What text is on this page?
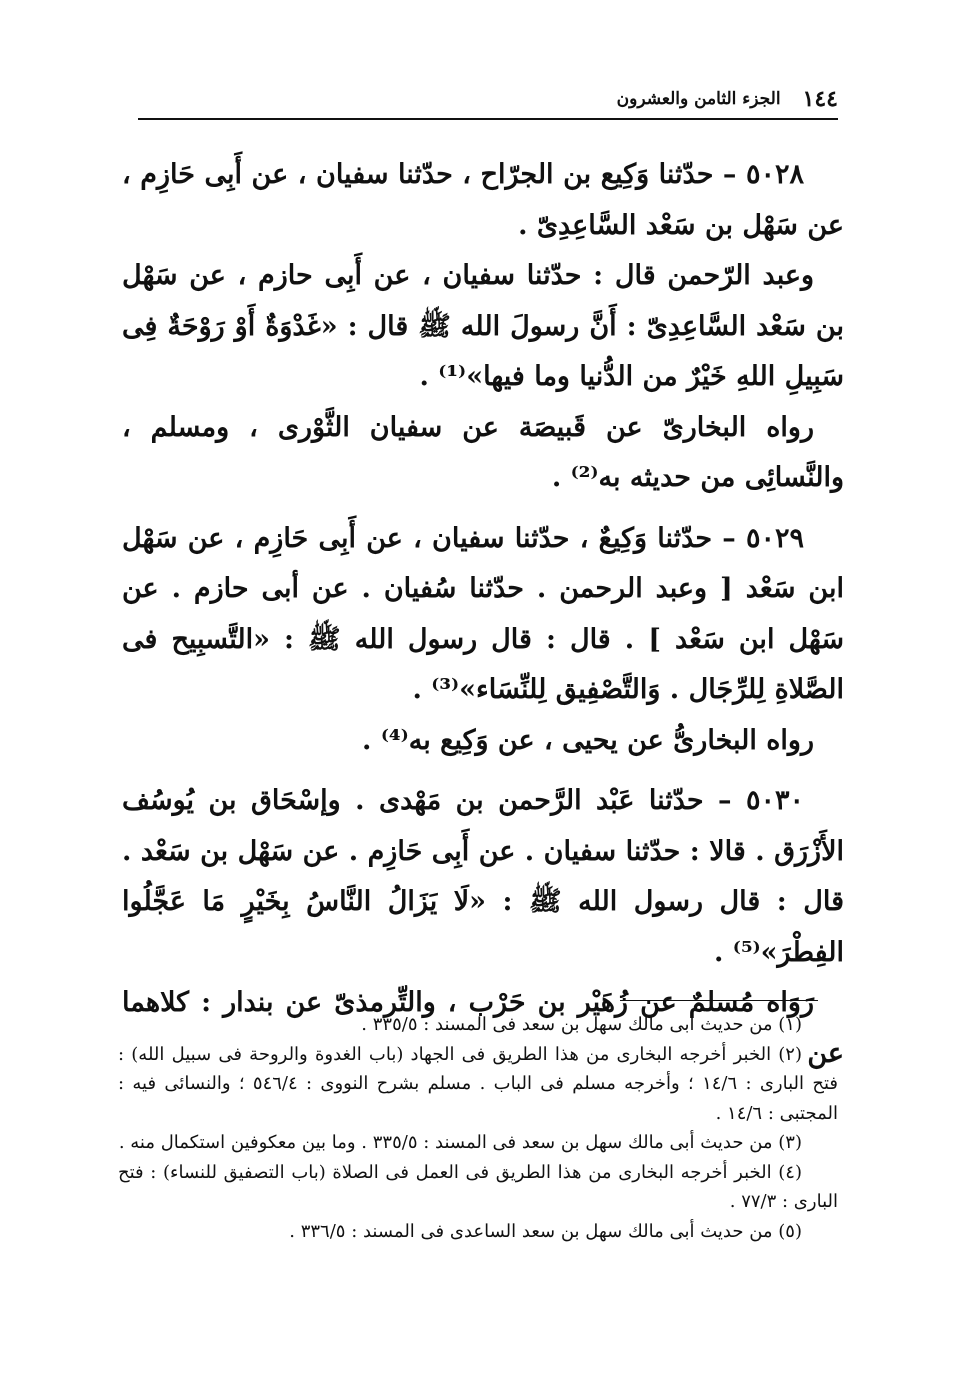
١٤٤
الجزء الثامن والعشرون

٥٠٢٨ – حدّثنا وَكِيع بن الجرّاح ، حدّثنا سفيان ، عن أَبِى حَازِم ، عن سَهْل بن سَعْد السَّاعِدِىّ .

وعبد الرّحمن قال : حدّثنا سفيان ، عن أَبِى حازم ، عن سَهْل بن سَعْد السَّاعِدِىّ : أَنَّ رسولَ الله ﷺ قال : «غَدْوَةٌ أَوْ رَوْحَةٌ فِى سَبِيلِ اللهِ خَيْرٌ من الدُّنيا وما فيها»⁽¹⁾ .

رواه البخارىّ عن قَبيصَة عن سفيان الثَّوْرى ، ومسلم ، والنَّسائِى من حديثه به⁽²⁾ .

٥٠٢٩ – حدّثنا وَكِيعٌ ، حدّثنا سفيان ، عن أَبِى حَازِم ، عن سَهْل ابن سَعْد [ وعبد الرحمن . حدّثنا سُفيان . عن أبى حازم . عن سَهْل ابن سَعْد ] . قال : قال رسول الله ﷺ : «التَّسبِيح فى الصَّلاةِ لِلرِّجَال . وَالتَّصْفِيق لِلنِّسَاء»⁽³⁾ .

رواه البخارىُّ عن يحيى ، عن وَكِيع به⁽⁴⁾ .

٥٠٣٠ – حدّثنا عَبْد الرَّحمن بن مَهْدى . وإسْحَاق بن يُوسُف الأَزْرَق . قالا : حدّثنا سفيان . عن أَبِى حَازِم . عن سَهْل بن سَعْد . قال : قال رسول الله ﷺ : «لَا يَزَالُ النَّاسُ بِخَيْرٍ مَا عَجَّلُوا الفِطْرَ»⁽⁵⁾ .

رَوَاه مُسلمٌ عن زُهَيْر بن حَرْب ، والتِّرمذىّ عن بندار : كلاهما عن

(١) من حديث أبى مالك سهل بن سعد فى المسند : ٣٣٥/٥ .

(٢) الخبر أخرجه البخارى من هذا الطريق فى الجهاد (باب الغدوة والروحة فى سبيل الله) : فتح البارى : ١٤/٦ ؛ وأخرجه مسلم فى الباب . مسلم بشرح النووى : ٥٤٦/٤ ؛ والنسائى فيه : المجتبى : ١٤/٦ .

(٣) من حديث أبى مالك سهل بن سعد فى المسند : ٣٣٥/٥ . وما بين معكوفين استكمال منه .

(٤) الخبر أخرجه البخارى من هذا الطريق فى العمل فى الصلاة (باب التصفيق للنساء) : فتح البارى : ٧٧/٣ .

(٥) من حديث أبى مالك سهل بن سعد الساعدى فى المسند : ٣٣٦/٥ .
